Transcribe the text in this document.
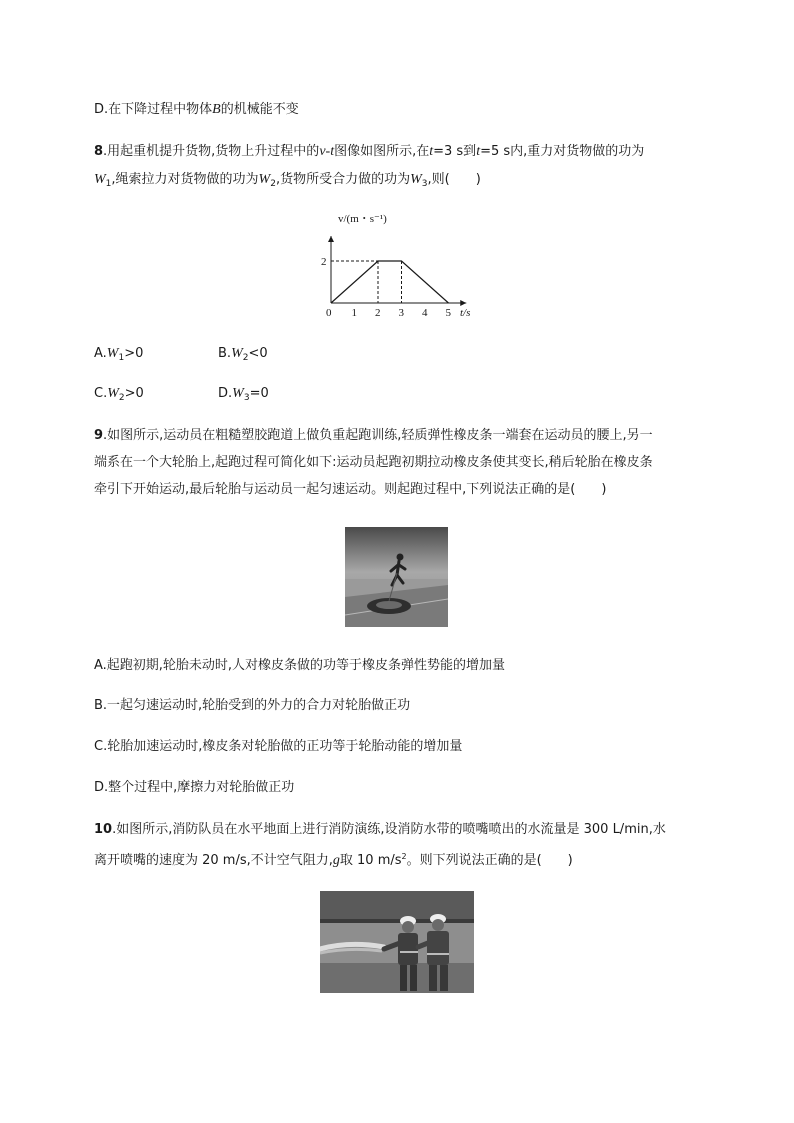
D.在下降过程中物体B的机械能不变
8.用起重机提升货物,货物上升过程中的v-t图像如图所示,在t=3 s到t=5 s内,重力对货物做的功为
$W_1$,绳索拉力对货物做的功为$W_2$,货物所受合力做的功为$W_3$,则(　　)
0 1 2 3 4 5
2
v/(m・s⁻¹)
t/s
$A.W_1>0$	$B.W_2<0$
$C.W_2>0$	$D.W_3=0$
9.如图所示,运动员在粗糙塑胶跑道上做负重起跑训练,轻质弹性橡皮条一端套在运动员的腰上,另一
端系在一个大轮胎上,起跑过程可简化如下:运动员起跑初期拉动橡皮条使其变长,稍后轮胎在橡皮条
牵引下开始运动,最后轮胎与运动员一起匀速运动。则起跑过程中,下列说法正确的是(　　)
A.起跑初期,轮胎未动时,人对橡皮条做的功等于橡皮条弹性势能的增加量
B.一起匀速运动时,轮胎受到的外力的合力对轮胎做正功
C.轮胎加速运动时,橡皮条对轮胎做的正功等于轮胎动能的增加量
D.整个过程中,摩擦力对轮胎做正功
10.如图所示,消防队员在水平地面上进行消防演练,设消防水带的喷嘴喷出的水流量是 300 L/min,水
离开喷嘴的速度为 20 m/s,不计空气阻力,g取 10 $m/s^2$。则下列说法正确的是(　　)
